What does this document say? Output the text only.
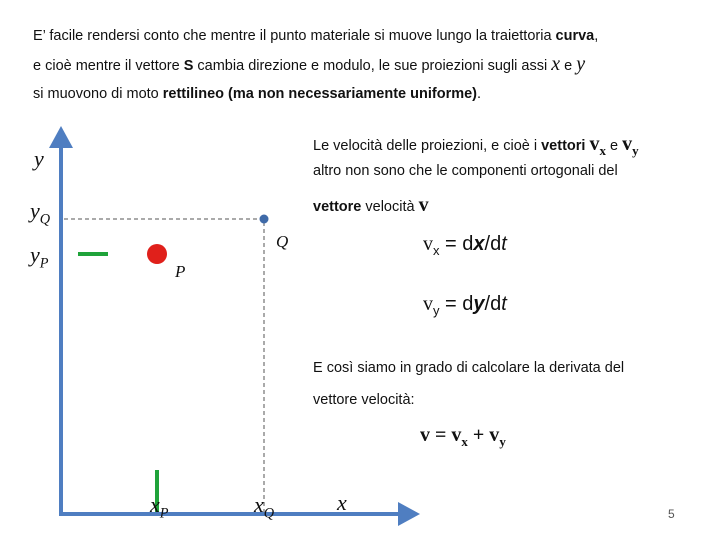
E’ facile rendersi conto che mentre il punto materiale si muove lungo la traiettoria curva,
e cioè mentre il vettore S cambia direzione e modulo, le sue proiezioni sugli assi x e y
si muovono di moto rettilineo (ma non necessariamente uniforme).
y
$y_Q$
$y_P$
$x_P$	$x_Q$	x
P
Q
Le velocità delle proiezioni, e cioè i vettori $v_x$ e $v_y$
altro non sono che le componenti ortogonali del
vettore velocità v
$v_x = dx/dt$
$v_y = dy/dt$
E così siamo in grado di calcolare la derivata del
vettore velocità:
$v = v_x + v_y$
5
